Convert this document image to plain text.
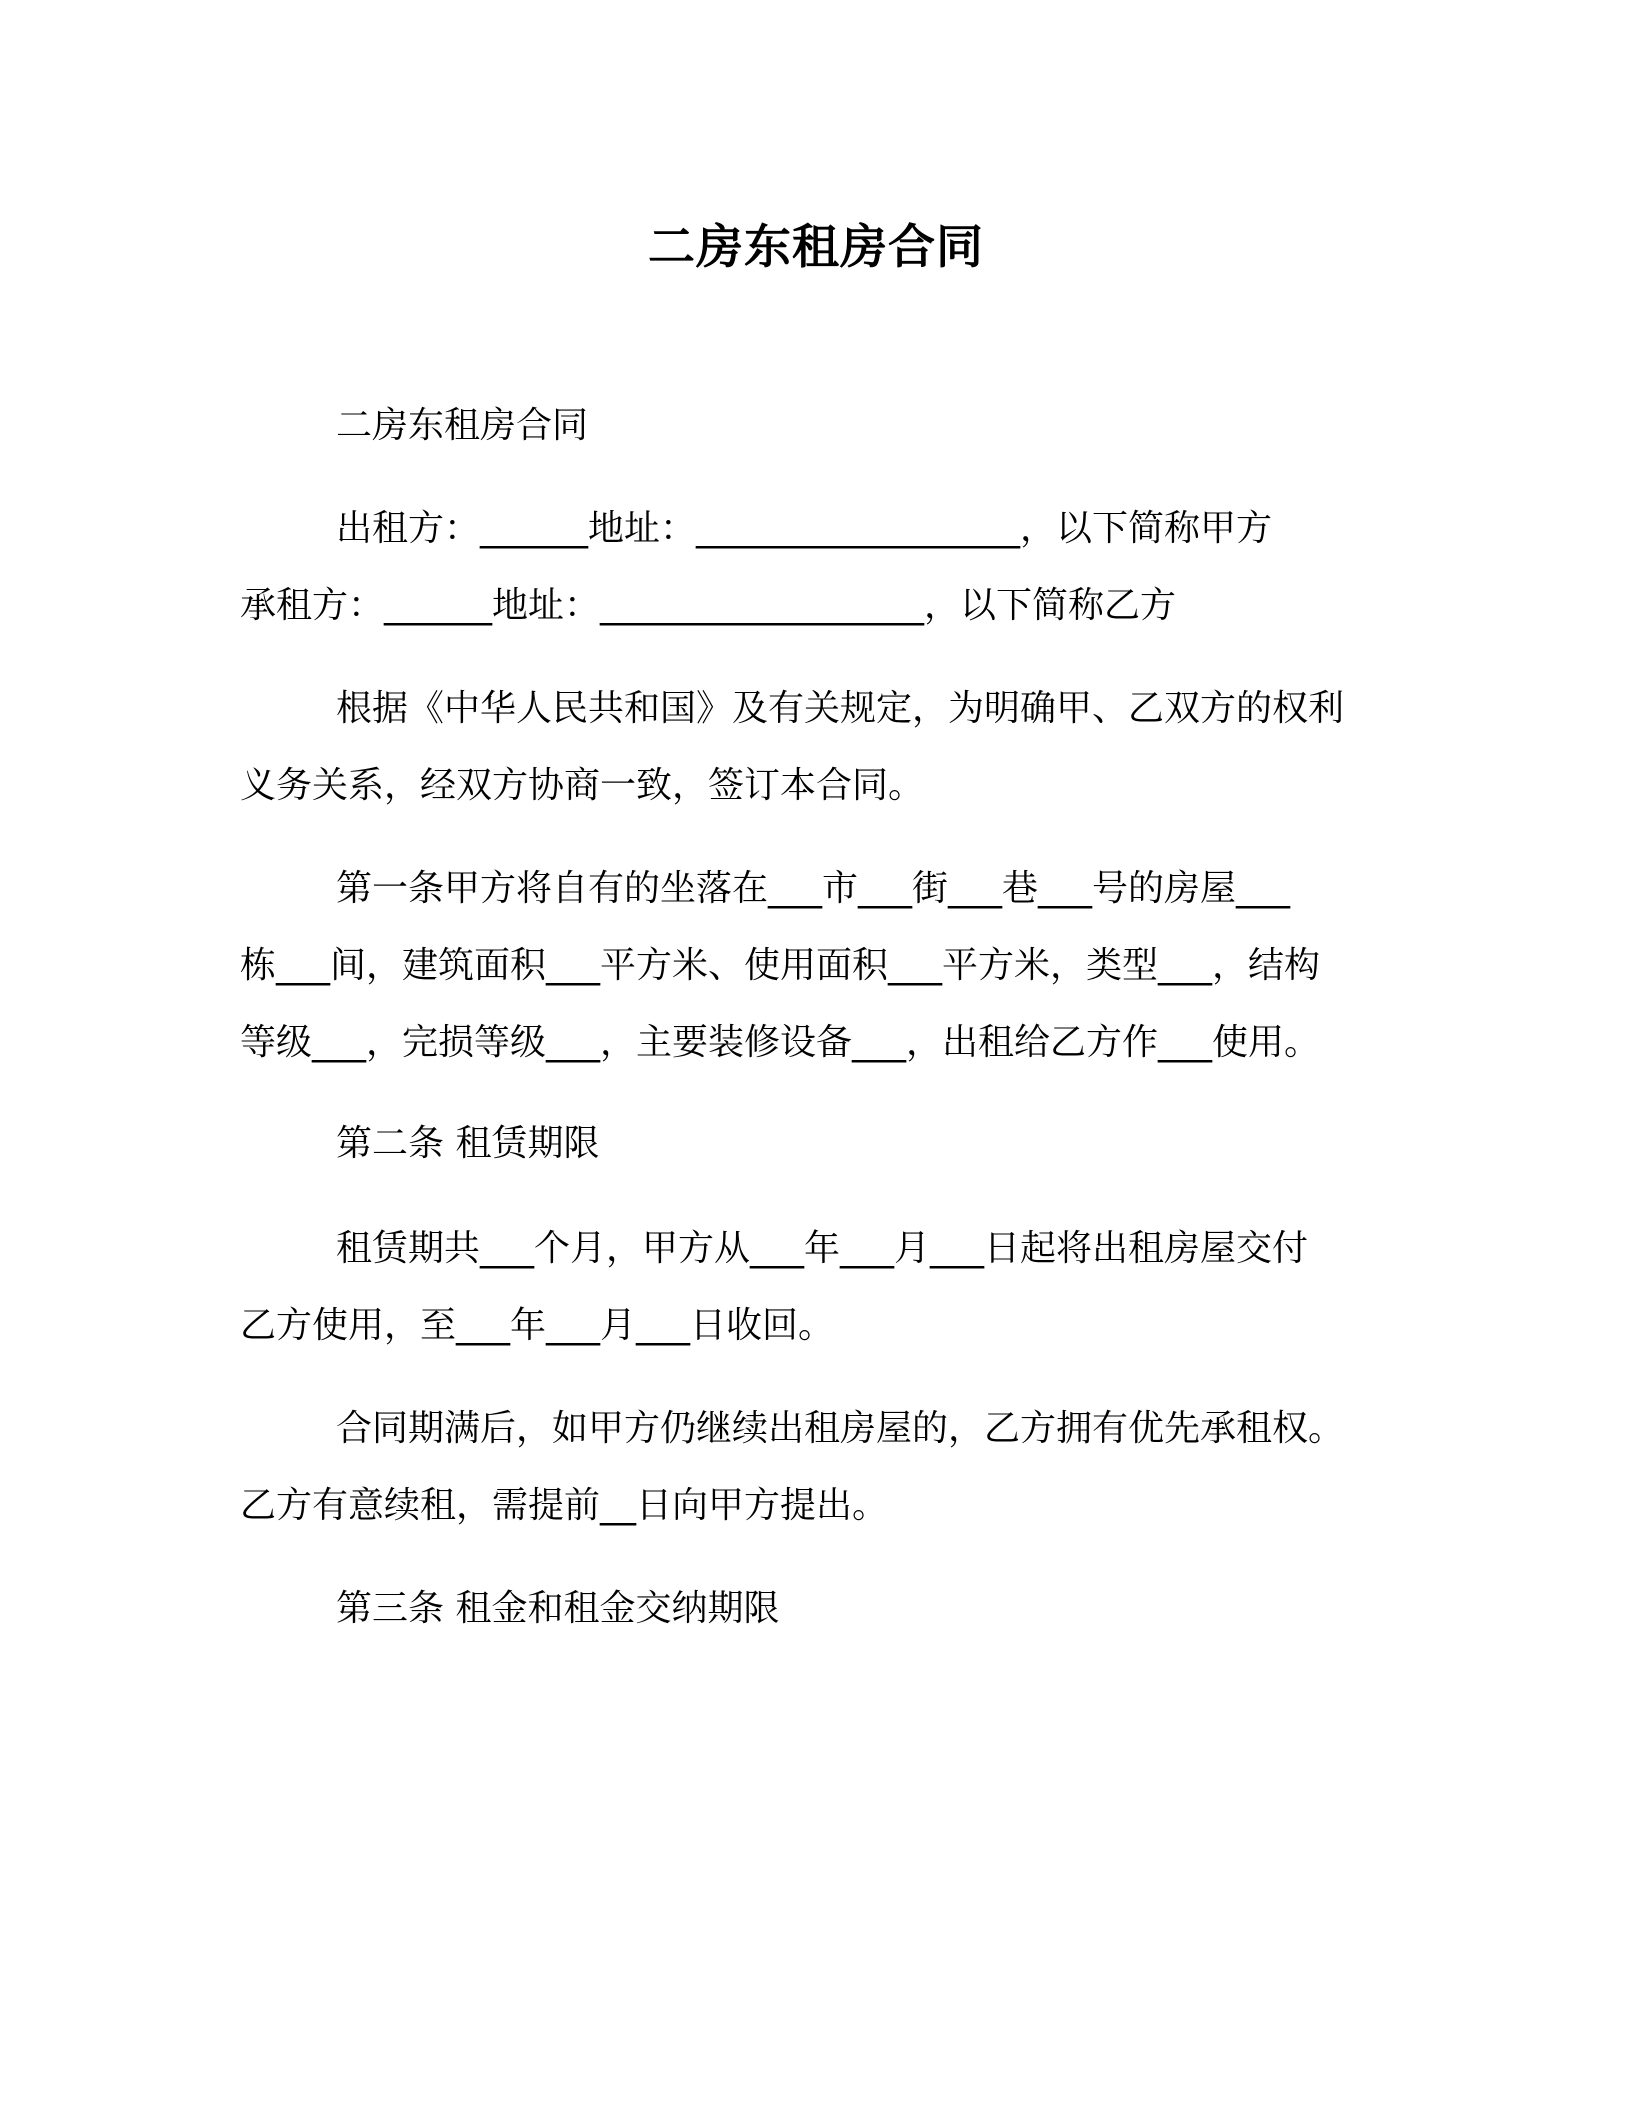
二房东租房合同
二房东租房合同
出租方：______地址：__________________，以下简称甲方
承租方：______地址：__________________，以下简称乙方
根据《中华人民共和国》及有关规定，为明确甲、乙双方的权利
义务关系，经双方协商一致，签订本合同。
第一条甲方将自有的坐落在___市___街___巷___号的房屋___
栋___间，建筑面积___平方米、使用面积___平方米，类型___，结构
等级___，完损等级___，主要装修设备___，出租给乙方作___使用。
第二条 租赁期限
租赁期共___个月，甲方从___年___月___日起将出租房屋交付
乙方使用，至___年___月___日收回。
合同期满后，如甲方仍继续出租房屋的，乙方拥有优先承租权。
乙方有意续租，需提前__日向甲方提出。
第三条 租金和租金交纳期限
